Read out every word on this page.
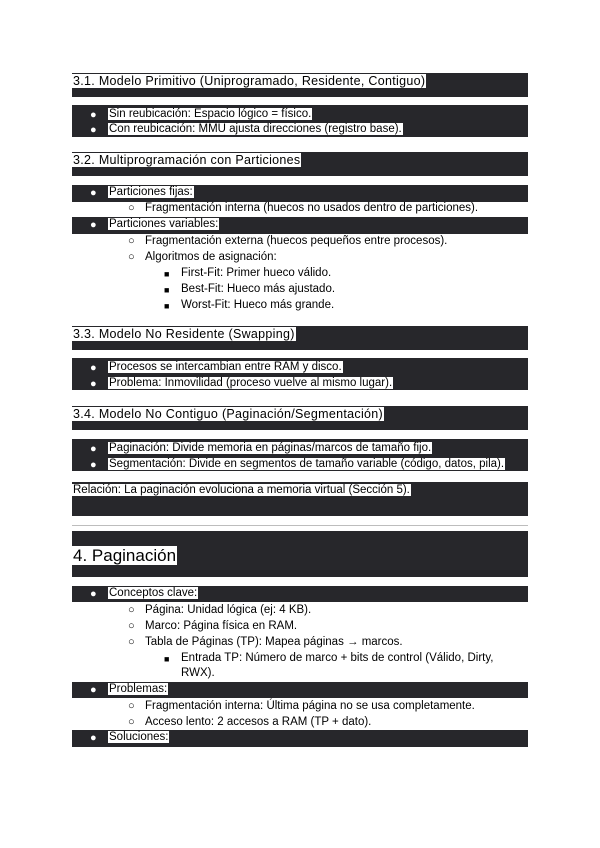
3.1. Modelo Primitivo (Uniprogramado, Residente, Contiguo)
● Sin reubicación: Espacio lógico = físico.
● Con reubicación: MMU ajusta direcciones (registro base).
3.2. Multiprogramación con Particiones
● Particiones fijas:
○ Fragmentación interna (huecos no usados dentro de particiones).
● Particiones variables:
○ Fragmentación externa (huecos pequeños entre procesos).
○ Algoritmos de asignación:
■ First-Fit: Primer hueco válido.
■ Best-Fit: Hueco más ajustado.
■ Worst-Fit: Hueco más grande.
3.3. Modelo No Residente (Swapping)
● Procesos se intercambian entre RAM y disco.
● Problema: Inmovilidad (proceso vuelve al mismo lugar).
3.4. Modelo No Contiguo (Paginación/Segmentación)
● Paginación: Divide memoria en páginas/marcos de tamaño fijo.
● Segmentación: Divide en segmentos de tamaño variable (código, datos, pila).
Relación: La paginación evoluciona a memoria virtual (Sección 5).
4. Paginación
● Conceptos clave:
○ Página: Unidad lógica (ej: 4 KB).
○ Marco: Página física en RAM.
○ Tabla de Páginas (TP): Mapea páginas → marcos.
■ Entrada TP: Número de marco + bits de control (Válido, Dirty,
RWX).
● Problemas:
○ Fragmentación interna: Última página no se usa completamente.
○ Acceso lento: 2 accesos a RAM (TP + dato).
● Soluciones:
